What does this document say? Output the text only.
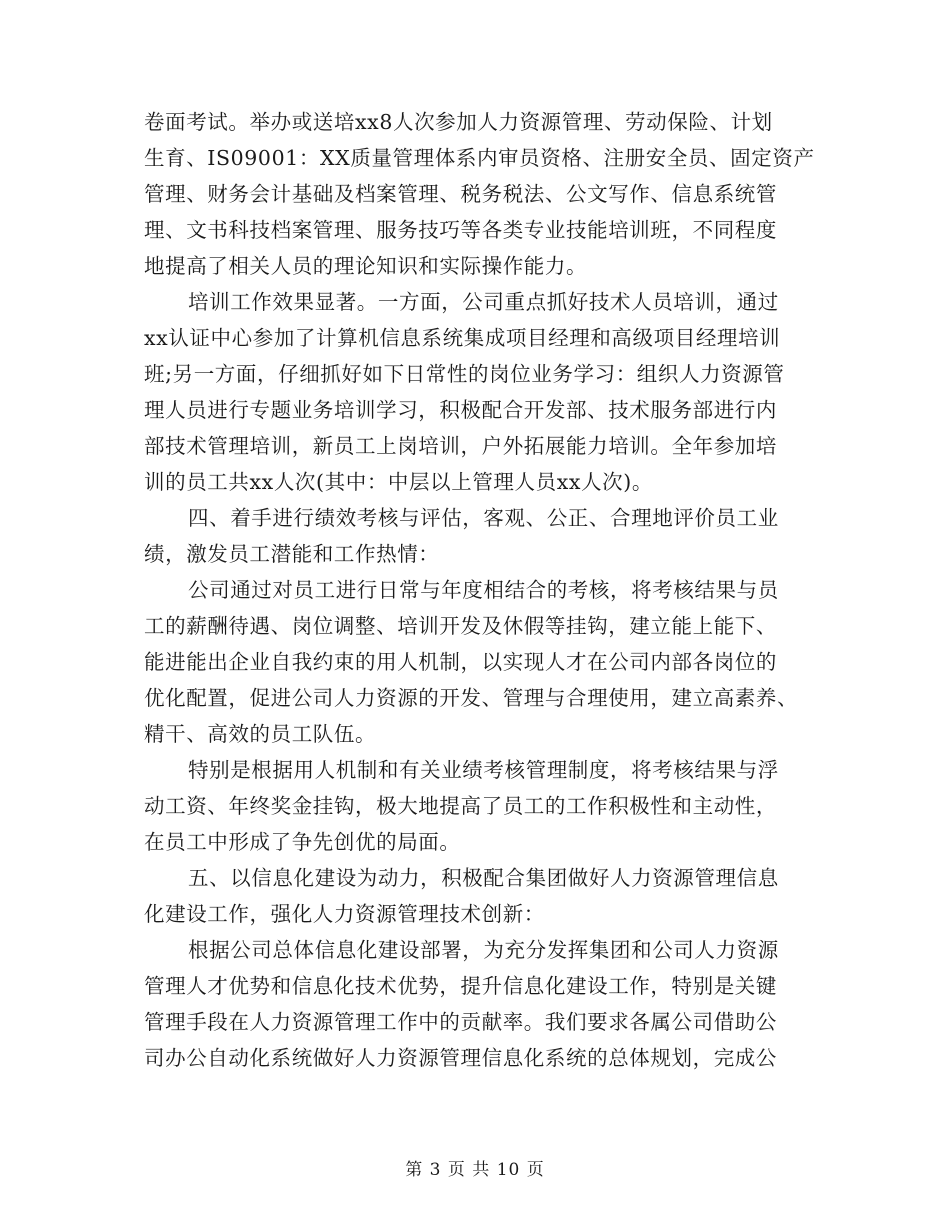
卷面考试。举办或送培xx8人次参加人力资源管理、劳动保险、计划
生育、IS09001：XX质量管理体系内审员资格、注册安全员、固定资产
管理、财务会计基础及档案管理、税务税法、公文写作、信息系统管
理、文书科技档案管理、服务技巧等各类专业技能培训班，不同程度
地提高了相关人员的理论知识和实际操作能力。
培训工作效果显著。一方面，公司重点抓好技术人员培训，通过
xx认证中心参加了计算机信息系统集成项目经理和高级项目经理培训
班;另一方面，仔细抓好如下日常性的岗位业务学习：组织人力资源管
理人员进行专题业务培训学习，积极配合开发部、技术服务部进行内
部技术管理培训，新员工上岗培训，户外拓展能力培训。全年参加培
训的员工共xx人次(其中：中层以上管理人员xx人次)。
四、着手进行绩效考核与评估，客观、公正、合理地评价员工业
绩，激发员工潜能和工作热情：
公司通过对员工进行日常与年度相结合的考核，将考核结果与员
工的薪酬待遇、岗位调整、培训开发及休假等挂钩，建立能上能下、
能进能出企业自我约束的用人机制，以实现人才在公司内部各岗位的
优化配置，促进公司人力资源的开发、管理与合理使用，建立高素养、
精干、高效的员工队伍。
特别是根据用人机制和有关业绩考核管理制度，将考核结果与浮
动工资、年终奖金挂钩，极大地提高了员工的工作积极性和主动性，
在员工中形成了争先创优的局面。
五、以信息化建设为动力，积极配合集团做好人力资源管理信息
化建设工作，强化人力资源管理技术创新：
根据公司总体信息化建设部署，为充分发挥集团和公司人力资源
管理人才优势和信息化技术优势，提升信息化建设工作，特别是关键
管理手段在人力资源管理工作中的贡献率。我们要求各属公司借助公
司办公自动化系统做好人力资源管理信息化系统的总体规划，完成公
第 3 页 共 10 页
